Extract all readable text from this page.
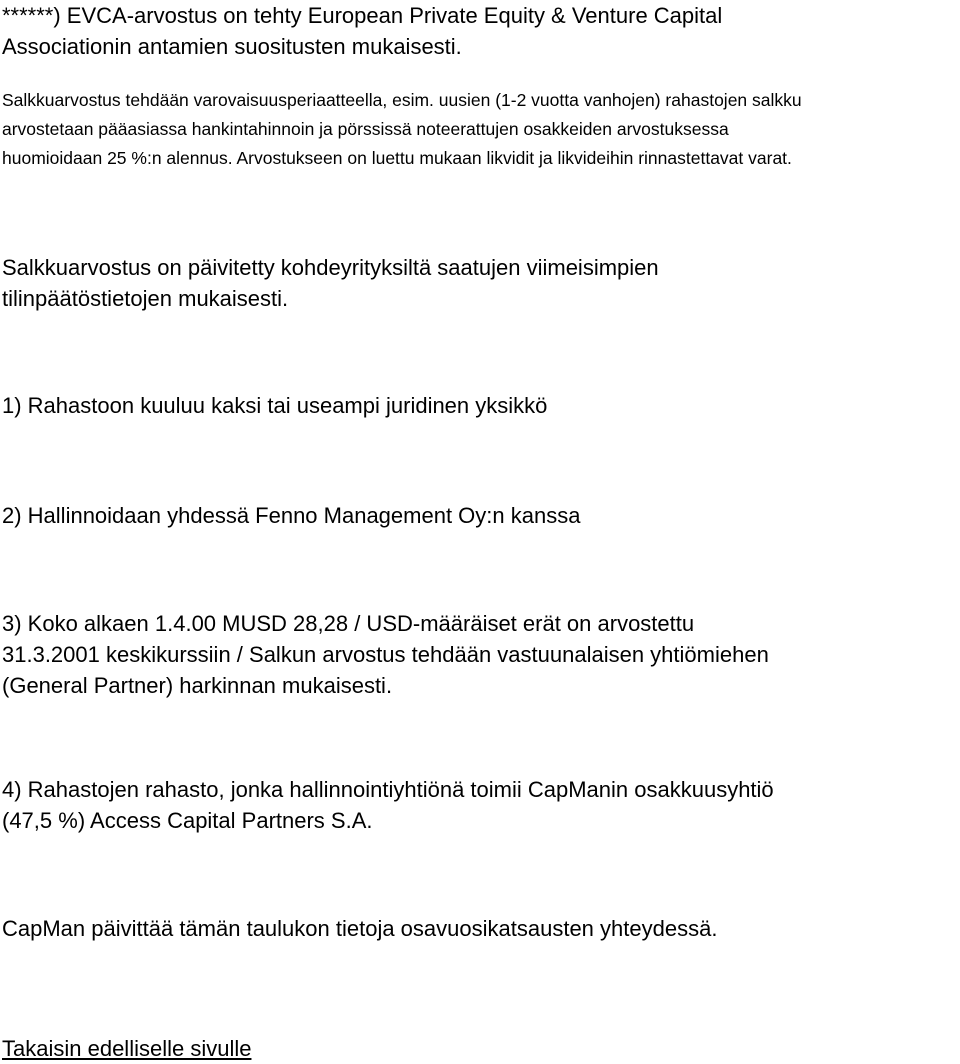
******) EVCA-arvostus on tehty European Private Equity & Venture Capital
Associationin antamien suositusten mukaisesti.

Salkkuarvostus tehdään varovaisuusperiaatteella, esim. uusien (1-2 vuotta vanhojen) rahastojen salkku
arvostetaan pääasiassa hankintahinnoin ja pörssissä noteerattujen osakkeiden arvostuksessa
huomioidaan 25 %:n alennus. Arvostukseen on luettu mukaan likvidit ja likvideihin rinnastettavat varat.

Salkkuarvostus on päivitetty kohdeyrityksiltä saatujen viimeisimpien
tilinpäätöstietojen mukaisesti.

1) Rahastoon kuuluu kaksi tai useampi juridinen yksikkö

2) Hallinnoidaan yhdessä Fenno Management Oy:n kanssa

3) Koko alkaen 1.4.00 MUSD 28,28 / USD-määräiset erät on arvostettu
31.3.2001 keskikurssiin / Salkun arvostus tehdään vastuunalaisen yhtiömiehen
(General Partner) harkinnan mukaisesti.

4) Rahastojen rahasto, jonka hallinnointiyhtiönä toimii CapManin osakkuusyhtiö
(47,5 %) Access Capital Partners S.A.

CapMan päivittää tämän taulukon tietoja osavuosikatsausten yhteydessä.

Takaisin edelliselle sivulle
